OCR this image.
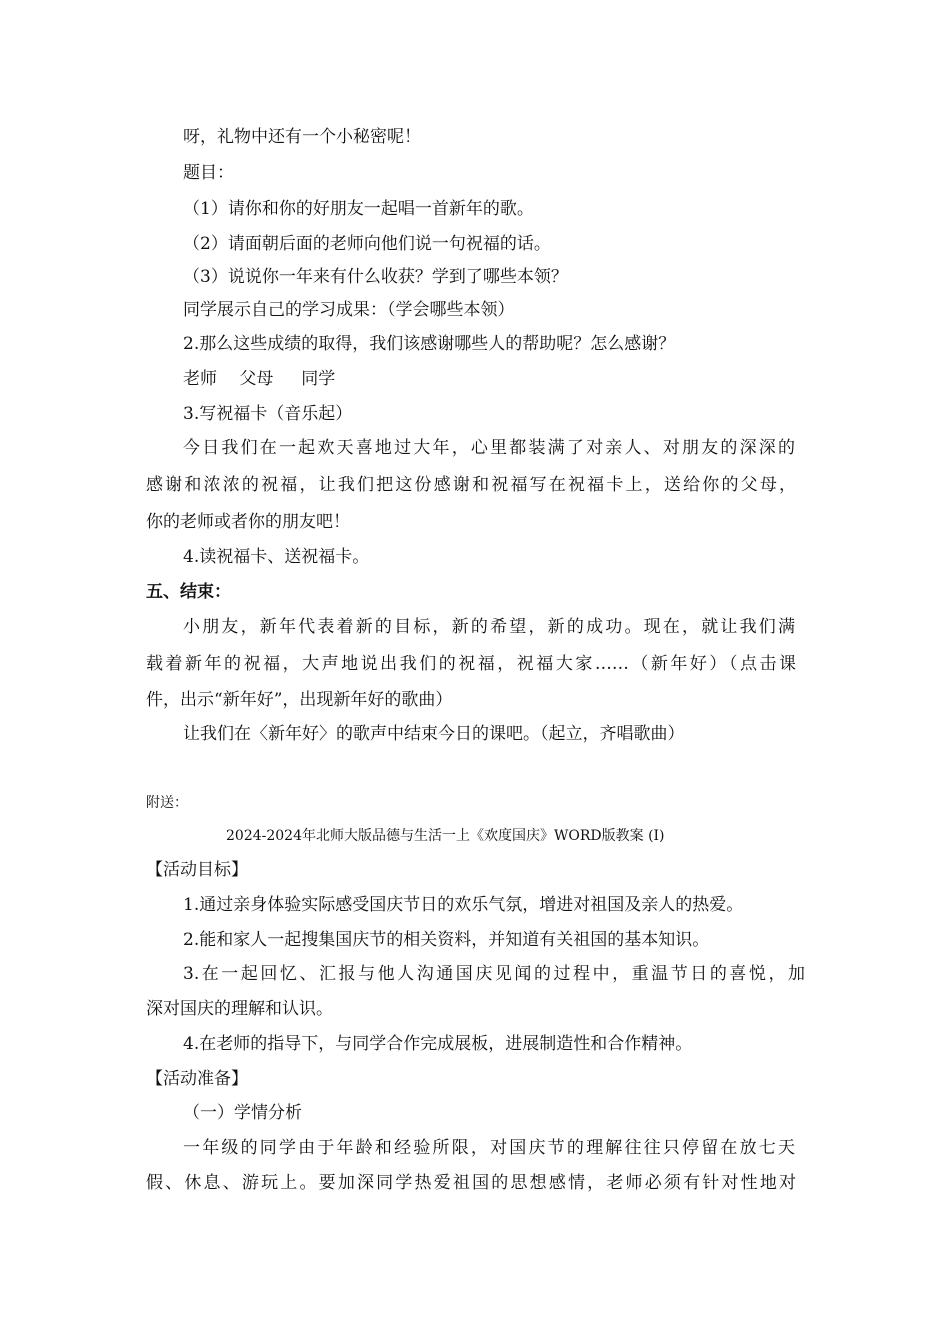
呀，礼物中还有一个小秘密呢！
题目：
（1）请你和你的好朋友一起唱一首新年的歌。
（2）请面朝后面的老师向他们说一句祝福的话。
（3）说说你一年来有什么收获？学到了哪些本领？
同学展示自己的学习成果：（学会哪些本领）
2.那么这些成绩的取得，我们该感谢哪些人的帮助呢？怎么感谢？
老师　 父母 　 同学
3.写祝福卡（音乐起）
今日我们在一起欢天喜地过大年，心里都装满了对亲人、对朋友的深深的
感谢和浓浓的祝福，让我们把这份感谢和祝福写在祝福卡上，送给你的父母，
你的老师或者你的朋友吧！
4.读祝福卡、送祝福卡。
五、结束：
小朋友，新年代表着新的目标，新的希望，新的成功。现在，就让我们满
载着新年的祝福，大声地说出我们的祝福，祝福大家……（新年好）（点击课
件，出示“新年好”，出现新年好的歌曲）
让我们在〈新年好〉的歌声中结束今日的课吧。（起立，齐唱歌曲）
附送：
2024-2024年北师大版品德与生活一上《欢度国庆》WORD版教案 (I)
【活动目标】
1.通过亲身体验实际感受国庆节日的欢乐气氛，增进对祖国及亲人的热爱。
2.能和家人一起搜集国庆节的相关资料，并知道有关祖国的基本知识。
3.在一起回忆、汇报与他人沟通国庆见闻的过程中，重温节日的喜悦，加
深对国庆的理解和认识。
4.在老师的指导下，与同学合作完成展板，进展制造性和合作精神。
【活动准备】
（一）学情分析
一年级的同学由于年龄和经验所限，对国庆节的理解往往只停留在放七天
假、休息、游玩上。要加深同学热爱祖国的思想感情，老师必须有针对性地对
